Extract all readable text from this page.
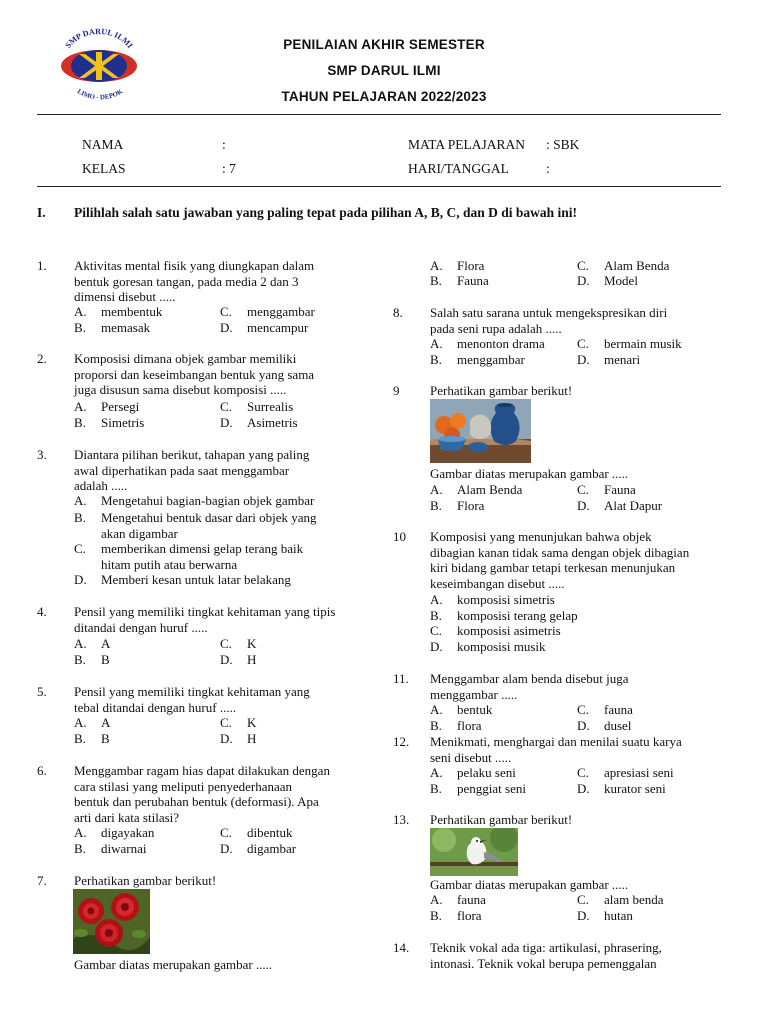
SMP DARUL ILMI
LIMO - DEPOK
PENILAIAN AKHIR SEMESTER
SMP DARUL ILMI
TAHUN PELAJARAN 2022/2023
NAMA	:
KELAS	: 7
MATA PELAJARAN : SBK
HARI/TANGGAL	:
I. Pilihlah salah satu jawaban yang paling tepat pada pilihan A, B, C, dan D di bawah ini!
1. Aktivitas mental fisik yang diungkapan dalam
bentuk goresan tangan, pada media 2 dan 3
dimensi disebut .....
A. membentuk	C. menggambar
B. memasak	D. mencampur
2. Komposisi dimana objek gambar memiliki
proporsi dan keseimbangan bentuk yang sama
juga disusun sama disebut komposisi .....
A. Persegi	C. Surrealis
B. Simetris	D. Asimetris
3. Diantara pilihan berikut, tahapan yang paling
awal diperhatikan pada saat menggambar
adalah .....
A. Mengetahui bagian-bagian objek gambar
B. Mengetahui bentuk dasar dari objek yang
akan digambar
C. memberikan dimensi gelap terang baik
hitam putih atau berwarna
D. Memberi kesan untuk latar belakang
4. Pensil yang memiliki tingkat kehitaman yang tipis
ditandai dengan huruf .....
A. A	C. K
B. B	D. H
5. Pensil yang memiliki tingkat kehitaman yang
tebal ditandai dengan huruf .....
A. A	C. K
B. B	D. H
6. Menggambar ragam hias dapat dilakukan dengan
cara stilasi yang meliputi penyederhanaan
bentuk dan perubahan bentuk (deformasi). Apa
arti dari kata stilasi?
A. digayakan	C. dibentuk
B. diwarnai	D. digambar
7. Perhatikan gambar berikut!
Gambar diatas merupakan gambar .....
A. Flora	C. Alam Benda
B. Fauna	D. Model
8. Salah satu sarana untuk mengekspresikan diri
pada seni rupa adalah .....
A. menonton drama C. bermain musik
B. menggambar	D. menari
9 Perhatikan gambar berikut!
Gambar diatas merupakan gambar .....
A. Alam Benda	C. Fauna
B. Flora	D. Alat Dapur
10 Komposisi yang menunjukan bahwa objek
dibagian kanan tidak sama dengan objek dibagian
kiri bidang gambar tetapi terkesan menunjukan
keseimbangan disebut .....
A. komposisi simetris
B. komposisi terang gelap
C. komposisi asimetris
D. komposisi musik
11. Menggambar alam benda disebut juga
menggambar .....
A. bentuk	C. fauna
B. flora	D. dusel
12. Menikmati, menghargai dan menilai suatu karya
seni disebut .....
A. pelaku seni	C. apresiasi seni
B. penggiat seni	D. kurator seni
13. Perhatikan gambar berikut!
Gambar diatas merupakan gambar .....
A. fauna	C. alam benda
B. flora	D. hutan
14. Teknik vokal ada tiga: artikulasi, phrasering,
intonasi. Teknik vokal berupa pemenggalan
